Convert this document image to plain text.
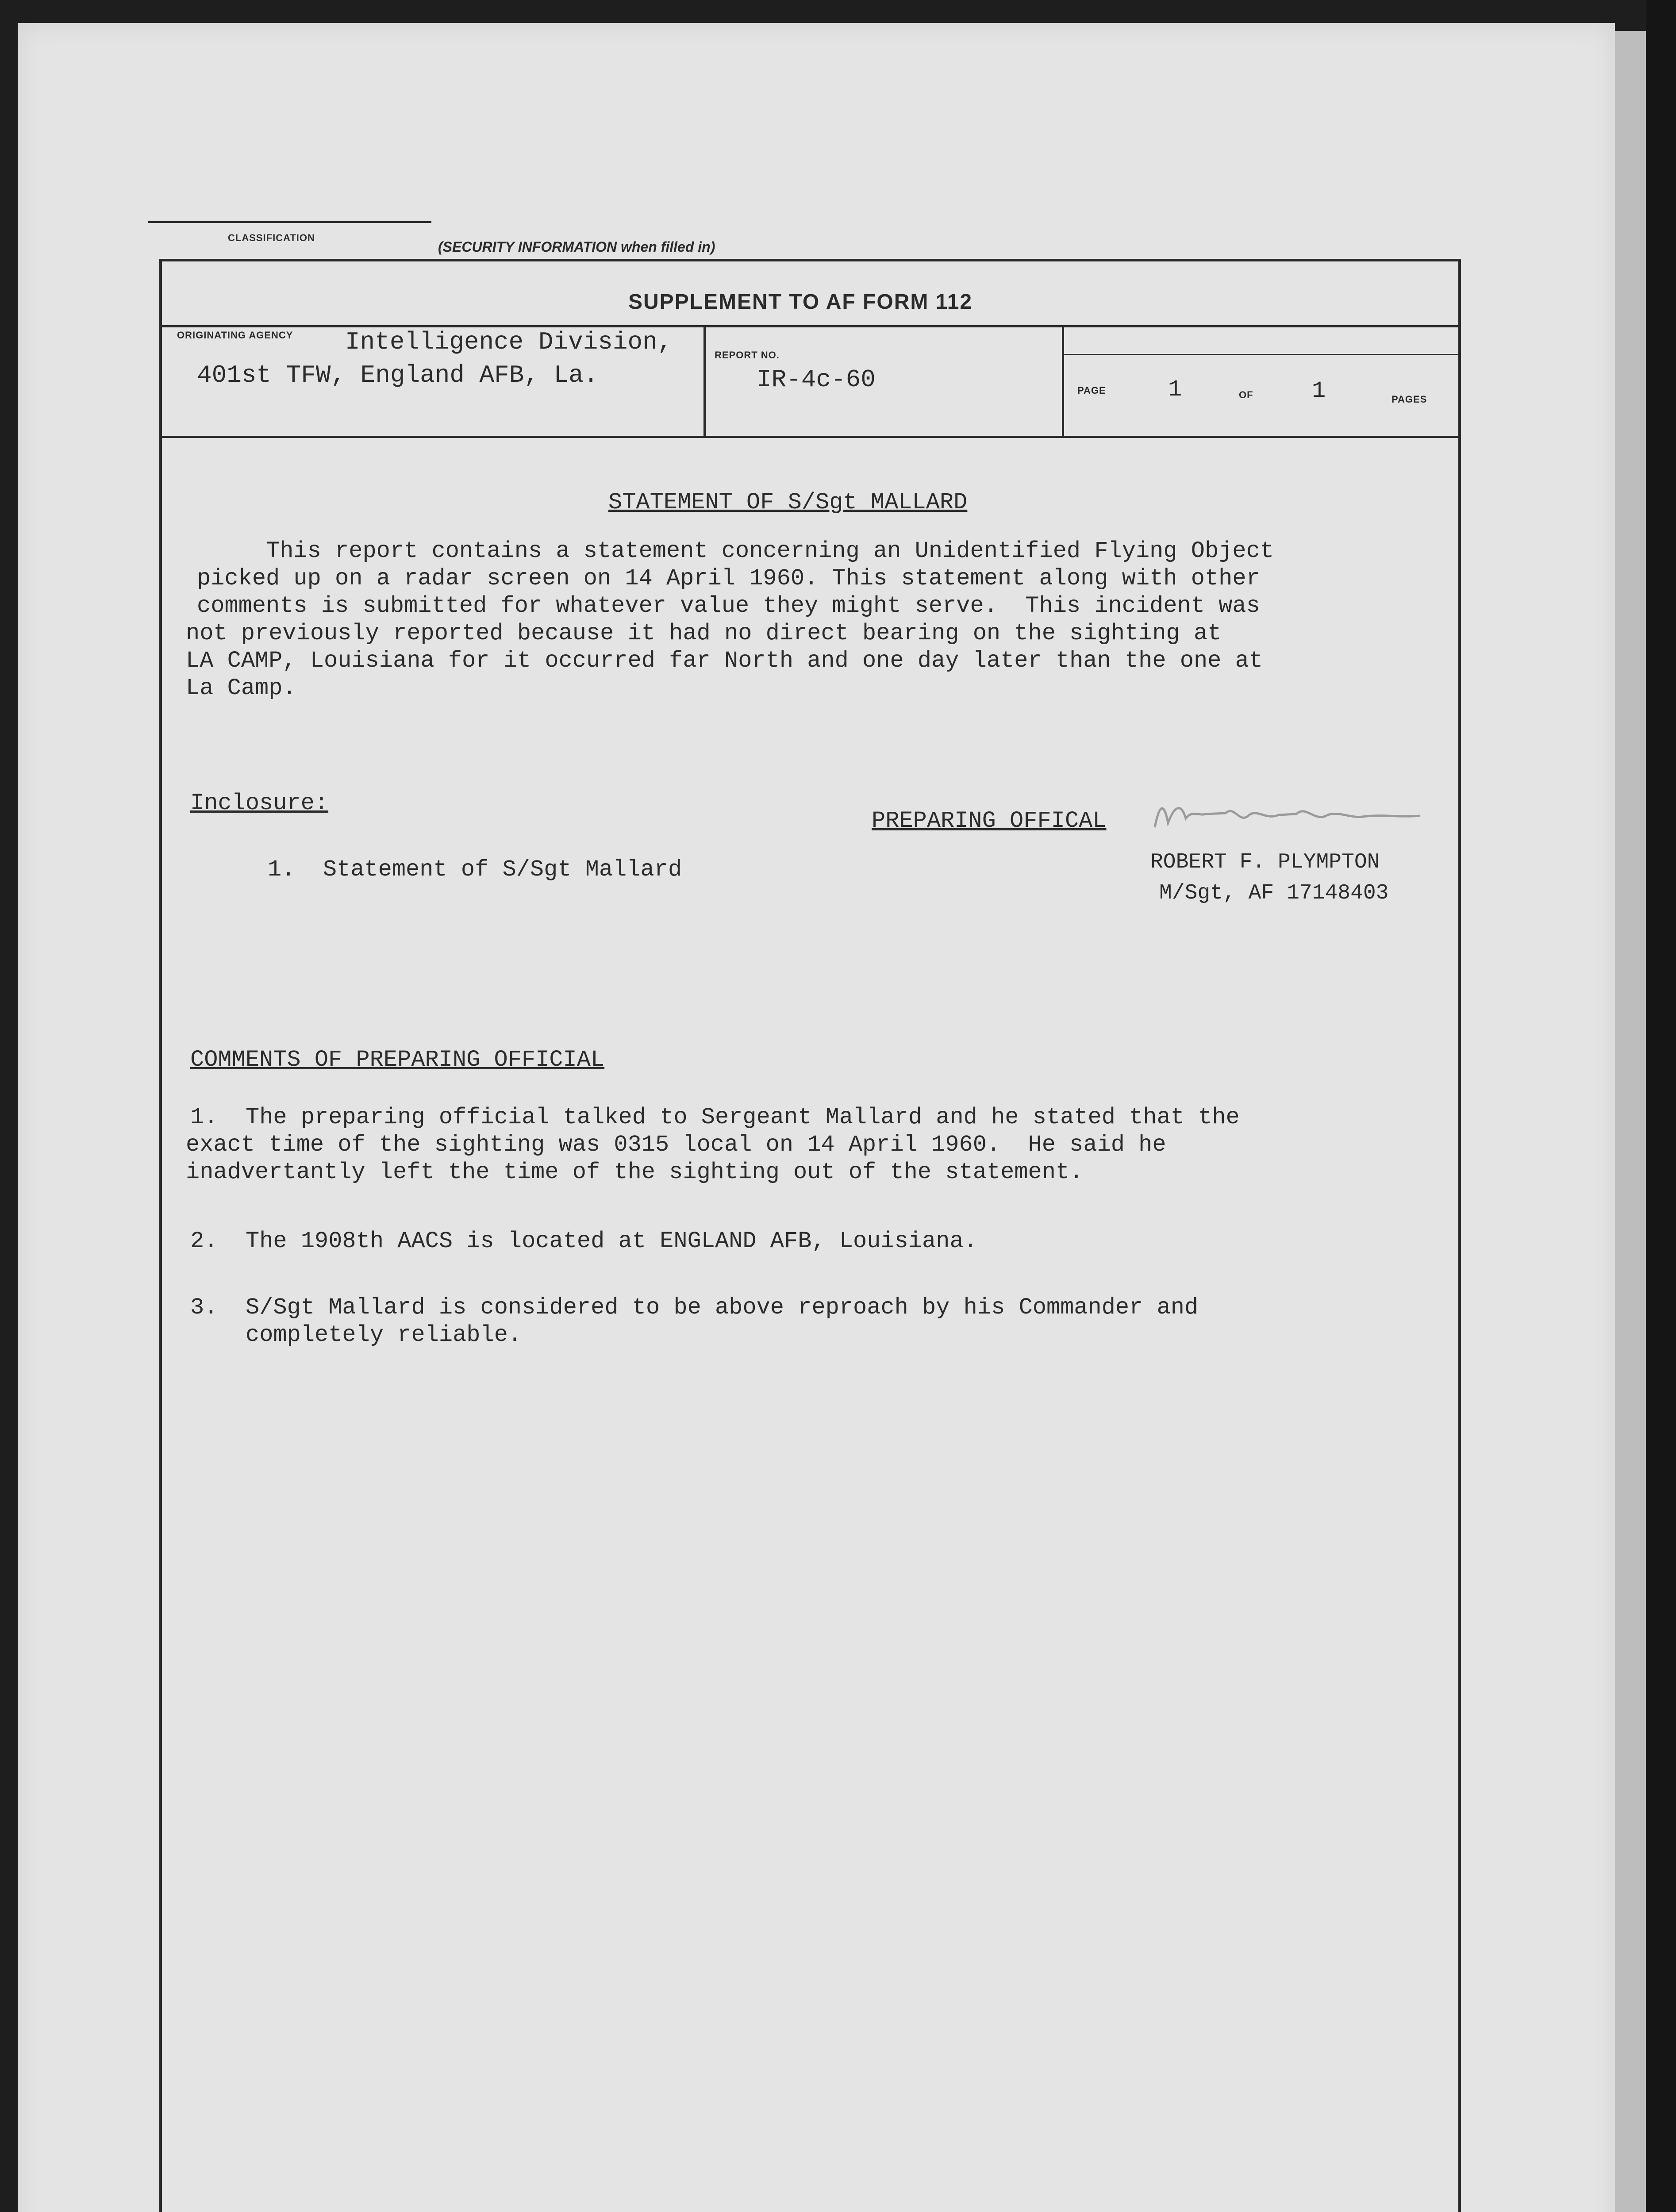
CLASSIFICATION
(SECURITY INFORMATION when filled in)
SUPPLEMENT TO AF FORM 112
ORIGINATING AGENCY Intelligence Division,
401st TFW, England AFB, La.
REPORT NO.
IR-4c-60	PAGE	1	OF	1	PAGES
STATEMENT OF S/Sgt MALLARD
This report contains a statement concerning an Unidentified Flying Object
picked up on a radar screen on 14 April 1960. This statement along with other
comments is submitted for whatever value they might serve.  This incident was
not previously reported because it had no direct bearing on the sighting at
LA CAMP, Louisiana for it occurred far North and one day later than the one at
La Camp.
Inclosure:
1.  Statement of S/Sgt Mallard
PREPARING OFFICAL
ROBERT F. PLYMPTON
M/Sgt, AF 17148403
COMMENTS OF PREPARING OFFICIAL
1. The preparing official talked to Sergeant Mallard and he stated that the
exact time of the sighting was 0315 local on 14 April 1960.  He said he
inadvertantly left the time of the sighting out of the statement.
2. The 1908th AACS is located at ENGLAND AFB, Louisiana.
3. S/Sgt Mallard is considered to be above reproach by his Commander and
completely reliable.
